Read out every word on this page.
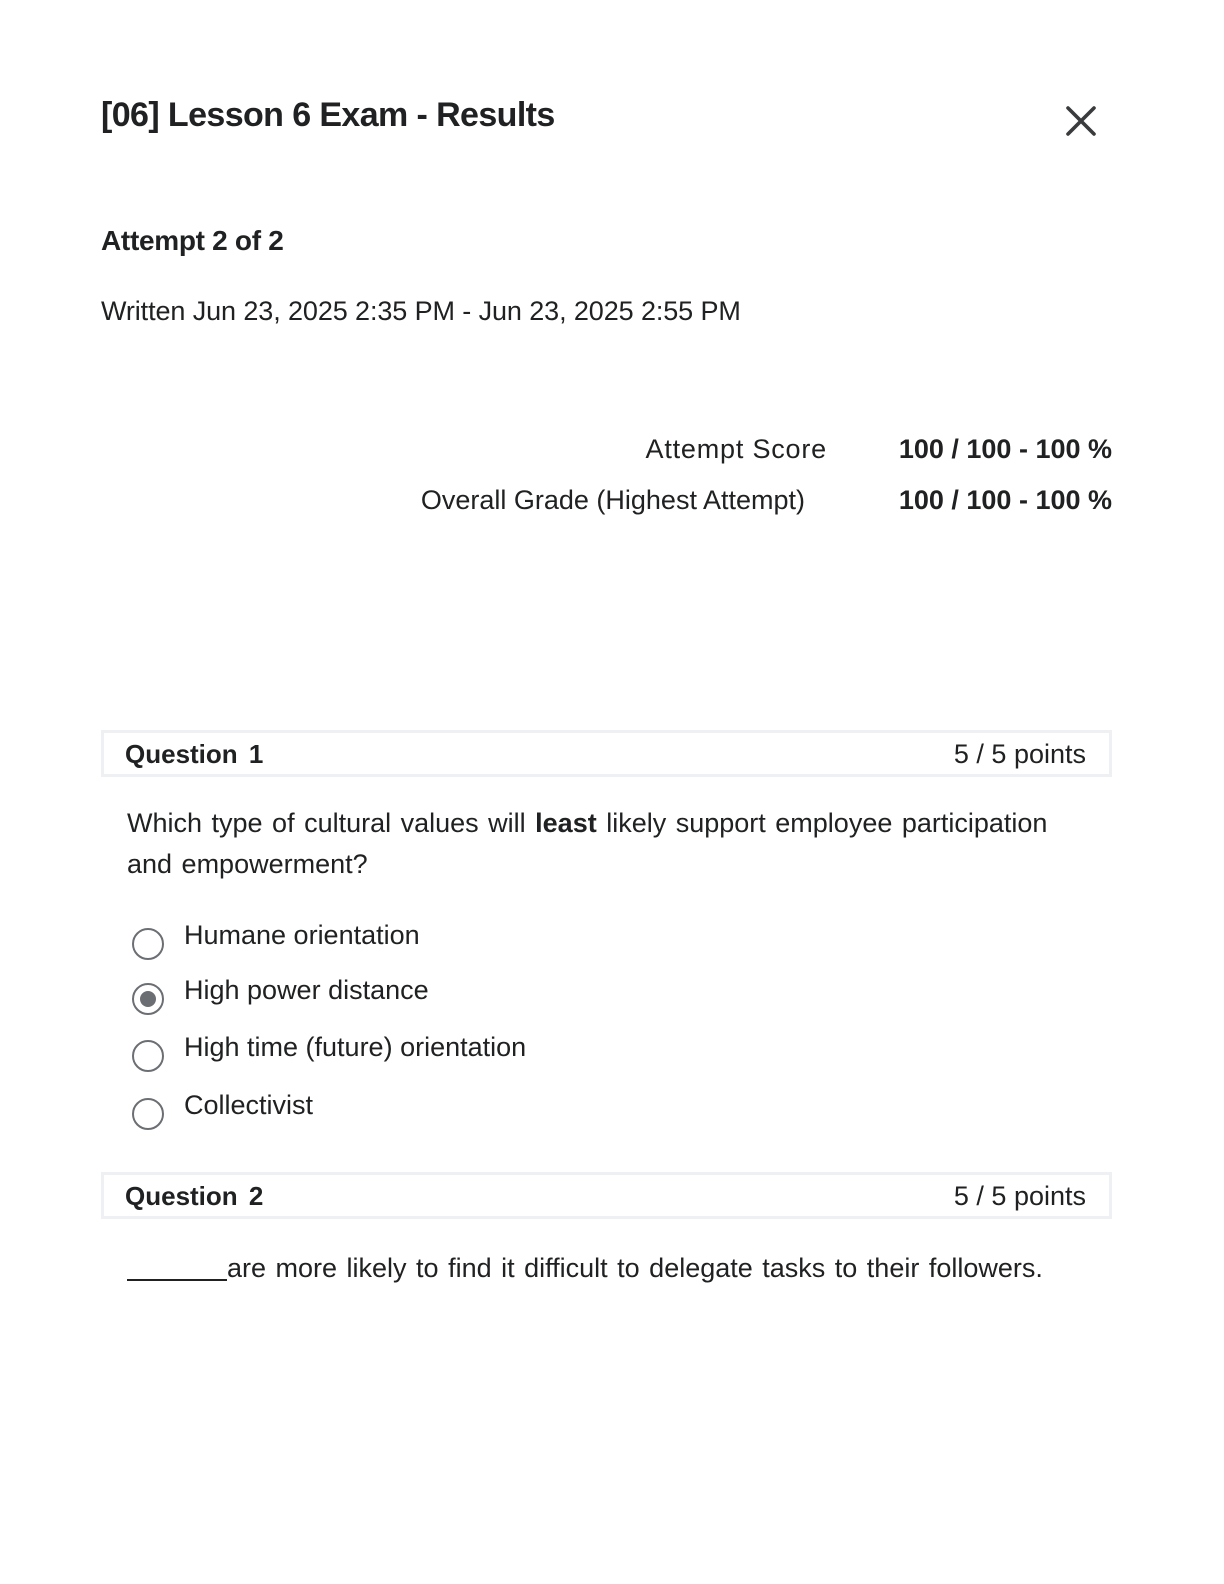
[06] Lesson 6 Exam - Results
Attempt 2 of 2
Written Jun 23, 2025 2:35 PM - Jun 23, 2025 2:55 PM
Attempt Score	100 / 100 - 100 %
Overall Grade (Highest Attempt)	100 / 100 - 100 %
Question 1	5 / 5 points
Which type of cultural values will least likely support employee participation and empowerment?
Humane orientation
High power distance
High time (future) orientation
Collectivist
Question 2	5 / 5 points
are more likely to find it difficult to delegate tasks to their followers.
